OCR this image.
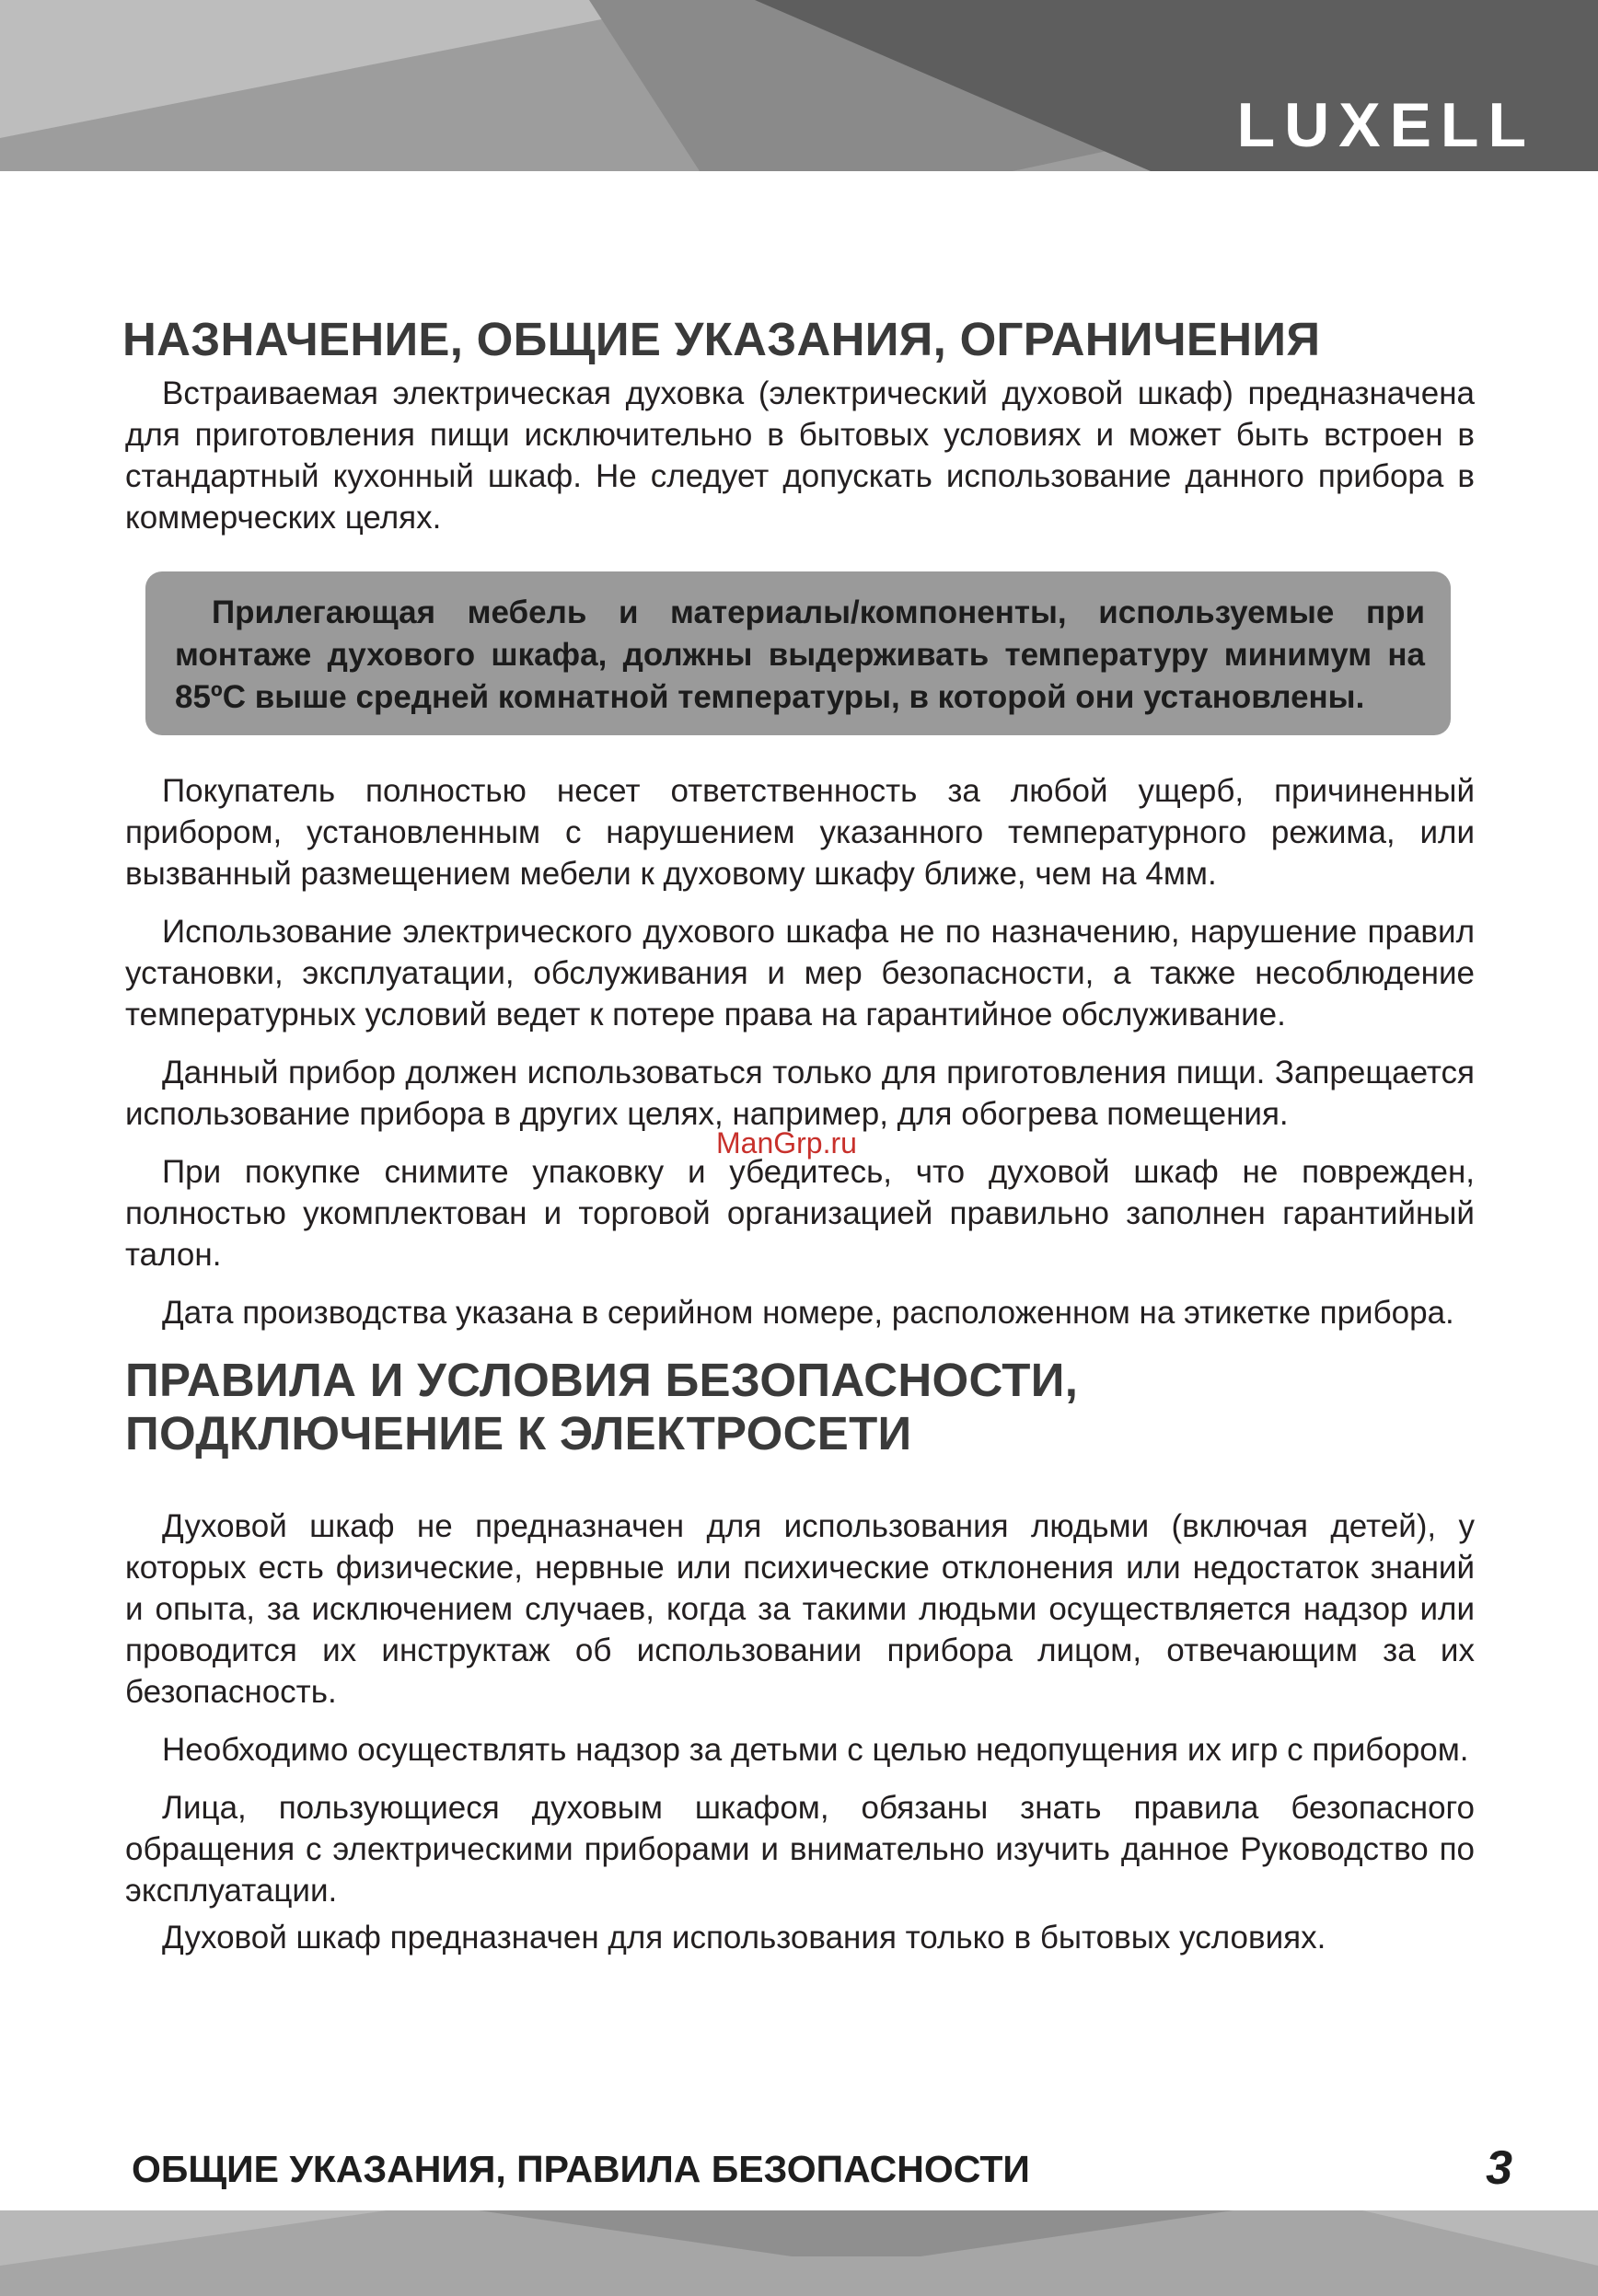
LUXELL
НАЗНАЧЕНИЕ, ОБЩИЕ УКАЗАНИЯ, ОГРАНИЧЕНИЯ

Встраиваемая электрическая духовка (электрический духовой шкаф) предназначена для приготовления пищи исключительно в бытовых условиях и может быть встроен в стандартный кухонный шкаф. Не следует допускать использование данного прибора в коммерческих целях.

Прилегающая мебель и материалы/компоненты, используемые при монтаже духового шкафа, должны выдерживать температуру минимум на 85ºС выше средней комнатной температуры, в которой они установлены.

Покупатель полностью несет ответственность за любой ущерб, причиненный прибором, установленным с нарушением указанного температурного режима, или вызванный размещением мебели к духовому шкафу ближе, чем на 4мм.

Использование электрического духового шкафа не по назначению, нарушение правил установки, эксплуатации, обслуживания и мер безопасности, а также несоблюдение температурных условий ведет к потере права на гарантийное обслуживание.

Данный прибор должен использоваться только для приготовления пищи. Запрещается использование прибора в других целях, например, для обогрева помещения.

При покупке снимите упаковку и убедитесь, что духовой шкаф не поврежден, полностью укомплектован и торговой организацией правильно заполнен гарантийный талон.

Дата производства указана в серийном номере, расположенном на этикетке прибора.

ПРАВИЛА И УСЛОВИЯ БЕЗОПАСНОСТИ,
ПОДКЛЮЧЕНИЕ К ЭЛЕКТРОСЕТИ

Духовой шкаф не предназначен для использования людьми (включая детей), у которых есть физические, нервные или психические отклонения или недостаток знаний и опыта, за исключением случаев, когда за такими людьми осуществляется надзор или проводится их инструктаж об использовании прибора лицом, отвечающим за их безопасность.

Необходимо осуществлять надзор за детьми с целью недопущения их игр с прибором.

Лица, пользующиеся духовым шкафом, обязаны знать правила безопасного обращения с электрическими приборами и внимательно изучить данное Руководство по эксплуатации.

Духовой шкаф предназначен для использования только в бытовых условиях.

ManGrp.ru
ОБЩИЕ УКАЗАНИЯ, ПРАВИЛА БЕЗОПАСНОСТИ	3
